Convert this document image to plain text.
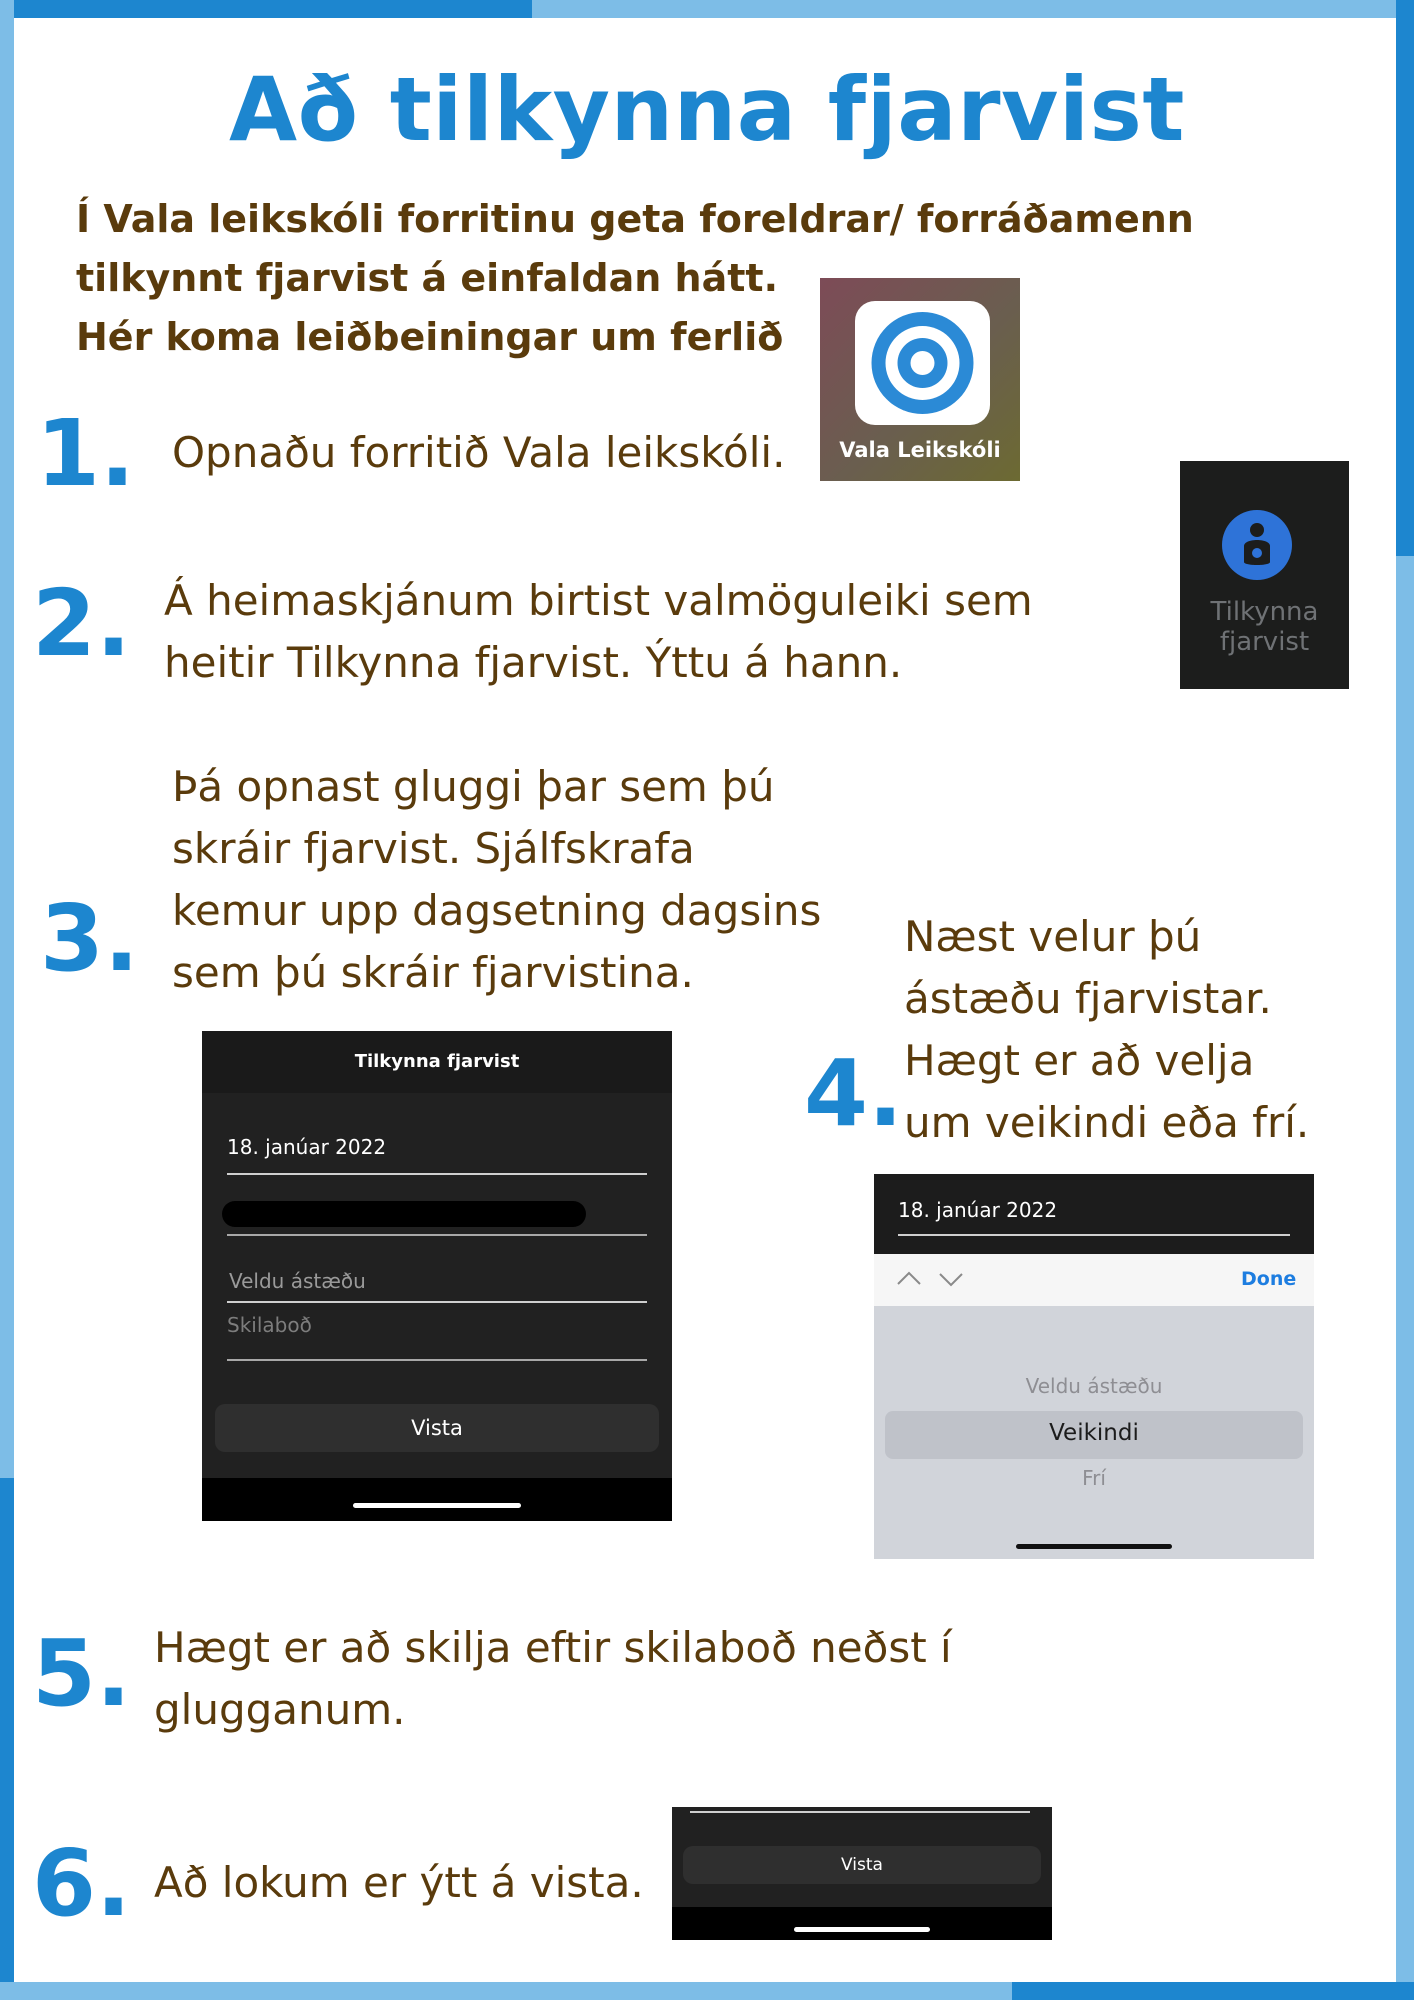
Að tilkynna fjarvist
Í Vala leikskóli forritinu geta foreldrar/ forráðamenn tilkynnt fjarvist á einfaldan hátt.
Hér koma leiðbeiningar um ferlið
1. Opnaðu forritið Vala leikskóli.	Vala Leikskóli
2. Á heimaskjánum birtist valmöguleiki sem heitir Tilkynna fjarvist. Ýttu á hann.
Tilkynna
fjarvist
3.
Þá opnast gluggi þar sem þú skráir fjarvist. Sjálfskrafa kemur upp dagsetning dagsins sem þú skráir fjarvistina.
Tilkynna fjarvist
18. janúar 2022
Veldu ástæðu
Skilaboð
Vista
4.
Næst velur þú ástæðu fjarvistar. Hægt er að velja um veikindi eða frí.
18. janúar 2022
Done
Veldu ástæðu
Veikindi
Frí
5. Hægt er að skilja eftir skilaboð neðst í glugganum.
6. Að lokum er ýtt á vista.	Vista
